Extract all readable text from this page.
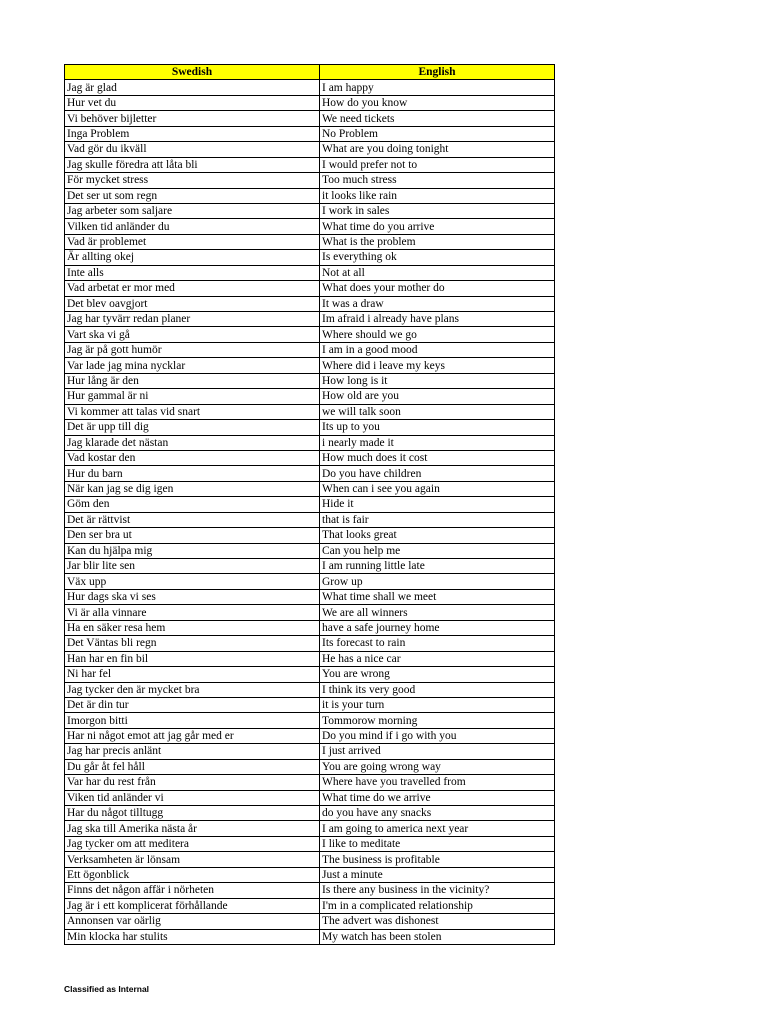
Swedish	English
Jag är glad	I am happy
Hur vet du	How do you know
Vi behöver bijletter	We need tickets
Inga Problem	No Problem
Vad gör du ikväll	What are you doing tonight
Jag skulle föredra att låta bli	I would prefer not to
För mycket stress	Too much stress
Det ser ut som regn	it looks like rain
Jag arbeter som saljare	I work in sales
Vilken tid anländer du	What time do you arrive
Vad är problemet	What is the problem
Är allting okej	Is everything ok
Inte alls	Not at all
Vad arbetat er mor med	What does your mother do
Det blev oavgjort	It was a draw
Jag har tyvärr redan planer	Im afraid i already have plans
Vart ska vi gå	Where should we go
Jag är på gott humör	I am in a good mood
Var lade jag mina nycklar	Where did i leave my keys
Hur lång är den	How long is it
Hur gammal är ni	How old are you
Vi kommer att talas vid snart	we will talk soon
Det är upp till dig	Its up to you
Jag klarade det nästan	i nearly made it
Vad kostar den	How much does it cost
Hur du barn	Do you have children
När kan jag se dig igen	When can i see you again
Göm den	Hide it
Det är rättvist	that is fair
Den ser bra ut	That looks great
Kan du hjälpa mig	Can you help me
Jar blir lite sen	I am running little late
Väx upp	Grow up
Hur dags ska vi ses	What time shall we meet
Vi är alla vinnare	We are all winners
Ha en säker resa hem	have a safe journey home
Det Väntas bli regn	Its forecast to rain
Han har en fin bil	He has a nice car
Ni har fel	You are wrong
Jag tycker den är mycket bra	I think its very good
Det är din tur	it is your turn
Imorgon bitti	Tommorow morning
Har ni något emot att jag går med er	Do you mind if i go with you
Jag har precis anlänt	I just arrived
Du går åt fel håll	You are going wrong way
Var har du rest från	Where have you travelled from
Viken tid anländer vi	What time do we arrive
Har du något tilltugg	do you have any snacks
Jag ska till Amerika nästa år	I am going to america next year
Jag tycker om att meditera	I like to meditate
Verksamheten är lönsam	The business is profitable
Ett ögonblick	Just a minute
Finns det någon affär i nörheten	Is there any business in the vicinity?
Jag är i ett komplicerat förhållande	I'm in a complicated relationship
Annonsen var oärlig	The advert was dishonest
Min klocka har stulits	My watch has been stolen
Classified as Internal
